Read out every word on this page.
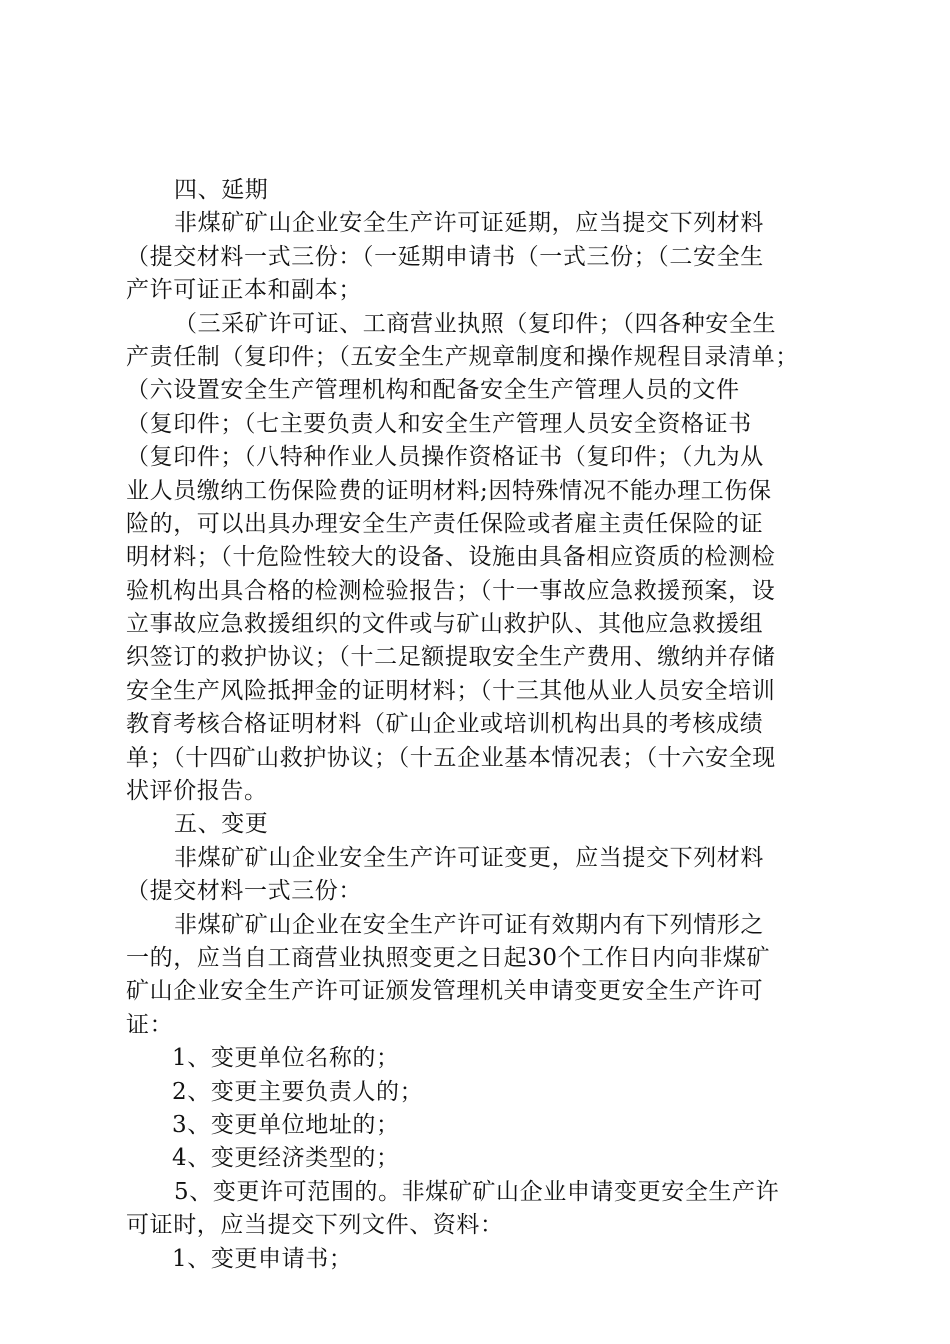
四、延期
非煤矿矿山企业安全生产许可证延期，应当提交下列材料
（提交材料一式三份：（一延期申请书（一式三份；（二安全生
产许可证正本和副本；
（三采矿许可证、工商营业执照（复印件；（四各种安全生
产责任制（复印件；（五安全生产规章制度和操作规程目录清单；
（六设置安全生产管理机构和配备安全生产管理人员的文件
（复印件；（七主要负责人和安全生产管理人员安全资格证书
（复印件；（八特种作业人员操作资格证书（复印件；（九为从
业人员缴纳工伤保险费的证明材料;因特殊情况不能办理工伤保
险的，可以出具办理安全生产责任保险或者雇主责任保险的证
明材料；（十危险性较大的设备、设施由具备相应资质的检测检
验机构出具合格的检测检验报告；（十一事故应急救援预案，设
立事故应急救援组织的文件或与矿山救护队、其他应急救援组
织签订的救护协议；（十二足额提取安全生产费用、缴纳并存储
安全生产风险抵押金的证明材料；（十三其他从业人员安全培训
教育考核合格证明材料（矿山企业或培训机构出具的考核成绩
单；（十四矿山救护协议；（十五企业基本情况表；（十六安全现
状评价报告。
五、变更
非煤矿矿山企业安全生产许可证变更，应当提交下列材料
（提交材料一式三份：
非煤矿矿山企业在安全生产许可证有效期内有下列情形之
一的，应当自工商营业执照变更之日起30个工作日内向非煤矿
矿山企业安全生产许可证颁发管理机关申请变更安全生产许可
证：
1、变更单位名称的；
2、变更主要负责人的；
3、变更单位地址的；
4、变更经济类型的；
5、变更许可范围的。非煤矿矿山企业申请变更安全生产许
可证时，应当提交下列文件、资料：
1、变更申请书；
